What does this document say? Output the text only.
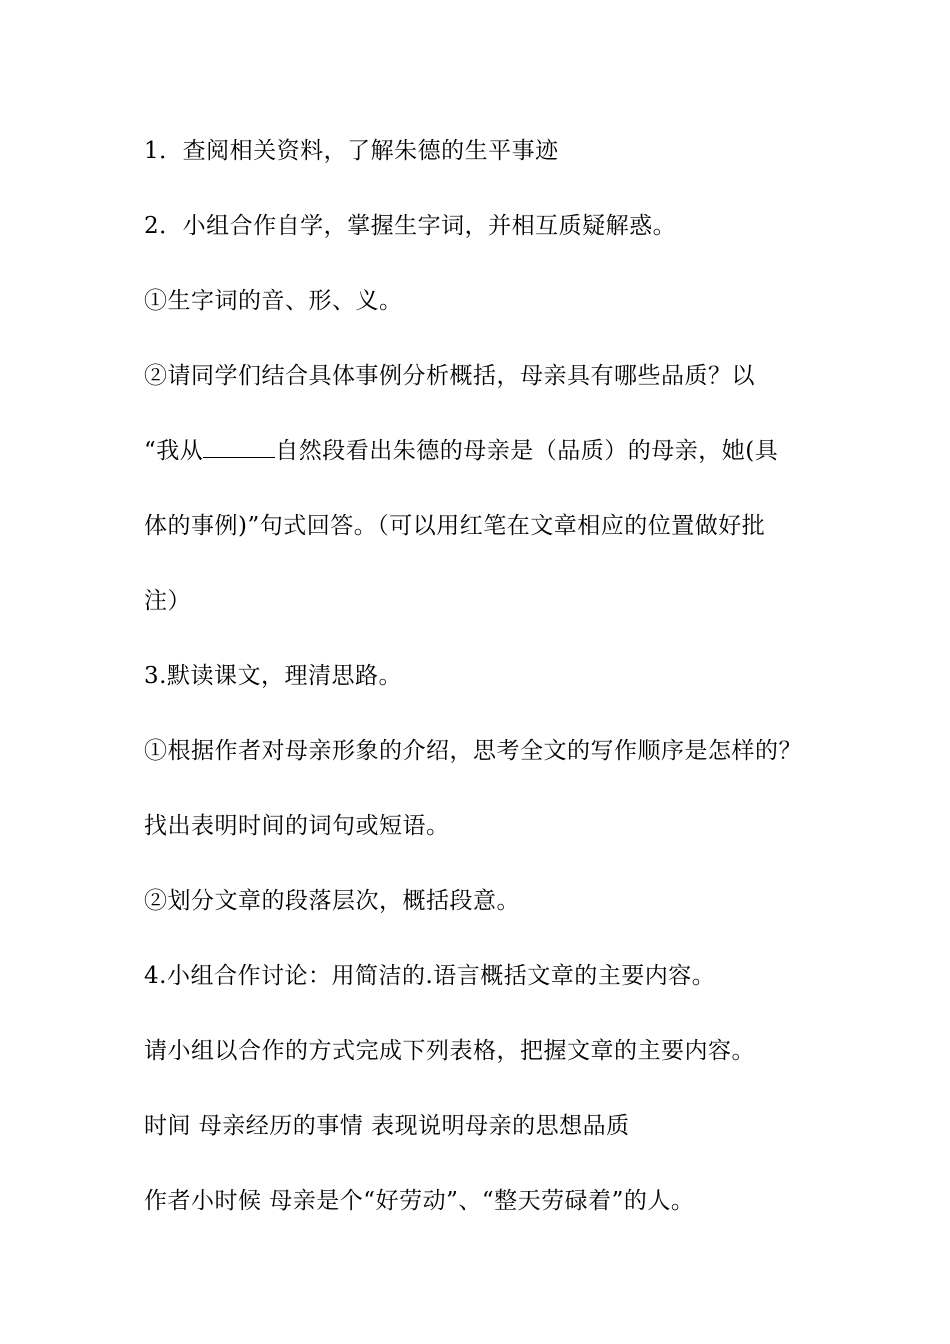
1．查阅相关资料，了解朱德的生平事迹
2．小组合作自学，掌握生字词，并相互质疑解惑。
①生字词的音、形、义。
②请同学们结合具体事例分析概括，母亲具有哪些品质？以
“我从	自然段看出朱德的母亲是（品质）的母亲，她(具
体的事例)”句式回答。（可以用红笔在文章相应的位置做好批
注）
3.默读课文，理清思路。
①根据作者对母亲形象的介绍，思考全文的写作顺序是怎样的？
找出表明时间的词句或短语。
②划分文章的段落层次，概括段意。
4.小组合作讨论：用简洁的.语言概括文章的主要内容。
请小组以合作的方式完成下列表格，把握文章的主要内容。
时间 母亲经历的事情 表现说明母亲的思想品质
作者小时候 母亲是个“好劳动”、“整天劳碌着”的人。
